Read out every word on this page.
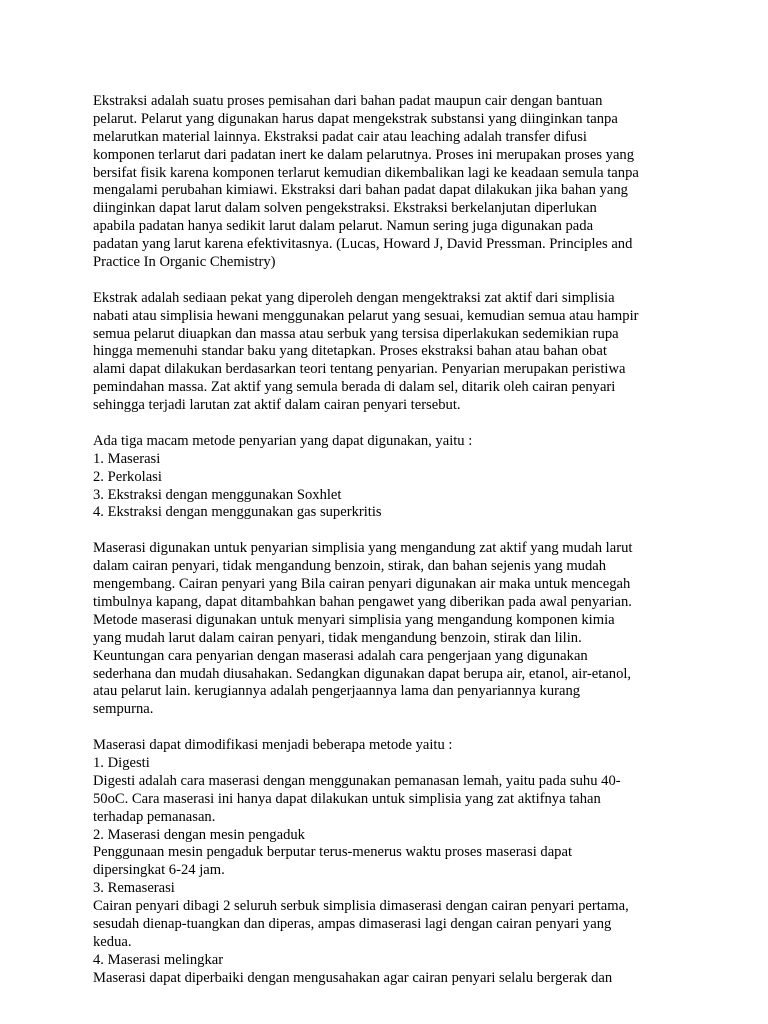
Ekstraksi adalah suatu proses pemisahan dari bahan padat maupun cair dengan bantuan
pelarut. Pelarut yang digunakan harus dapat mengekstrak substansi yang diinginkan tanpa
melarutkan material lainnya. Ekstraksi padat cair atau leaching adalah transfer difusi
komponen terlarut dari padatan inert ke dalam pelarutnya. Proses ini merupakan proses yang
bersifat fisik karena komponen terlarut kemudian dikembalikan lagi ke keadaan semula tanpa
mengalami perubahan kimiawi. Ekstraksi dari bahan padat dapat dilakukan jika bahan yang
diinginkan dapat larut dalam solven pengekstraksi. Ekstraksi berkelanjutan diperlukan
apabila padatan hanya sedikit larut dalam pelarut. Namun sering juga digunakan pada
padatan yang larut karena efektivitasnya. (Lucas, Howard J, David Pressman. Principles and
Practice In Organic Chemistry)
Ekstrak adalah sediaan pekat yang diperoleh dengan mengektraksi zat aktif dari simplisia
nabati atau simplisia hewani menggunakan pelarut yang sesuai, kemudian semua atau hampir
semua pelarut diuapkan dan massa atau serbuk yang tersisa diperlakukan sedemikian rupa
hingga memenuhi standar baku yang ditetapkan. Proses ekstraksi bahan atau bahan obat
alami dapat dilakukan berdasarkan teori tentang penyarian. Penyarian merupakan peristiwa
pemindahan massa. Zat aktif yang semula berada di dalam sel, ditarik oleh cairan penyari
sehingga terjadi larutan zat aktif dalam cairan penyari tersebut.
Ada tiga macam metode penyarian yang dapat digunakan, yaitu :
1. Maserasi
2. Perkolasi
3. Ekstraksi dengan menggunakan Soxhlet
4. Ekstraksi dengan menggunakan gas superkritis
Maserasi digunakan untuk penyarian simplisia yang mengandung zat aktif yang mudah larut
dalam cairan penyari, tidak mengandung benzoin, stirak, dan bahan sejenis yang mudah
mengembang. Cairan penyari yang Bila cairan penyari digunakan air maka untuk mencegah
timbulnya kapang, dapat ditambahkan bahan pengawet yang diberikan pada awal penyarian.
Metode maserasi digunakan untuk menyari simplisia yang mengandung komponen kimia
yang mudah larut dalam cairan penyari, tidak mengandung benzoin, stirak dan lilin.
Keuntungan cara penyarian dengan maserasi adalah cara pengerjaan yang digunakan
sederhana dan mudah diusahakan. Sedangkan digunakan dapat berupa air, etanol, air-etanol,
atau pelarut lain. kerugiannya adalah pengerjaannya lama dan penyariannya kurang
sempurna.
Maserasi dapat dimodifikasi menjadi beberapa metode yaitu :
1. Digesti
Digesti adalah cara maserasi dengan menggunakan pemanasan lemah, yaitu pada suhu 40-
50oC. Cara maserasi ini hanya dapat dilakukan untuk simplisia yang zat aktifnya tahan
terhadap pemanasan.
2. Maserasi dengan mesin pengaduk
Penggunaan mesin pengaduk berputar terus-menerus waktu proses maserasi dapat
dipersingkat 6-24 jam.
3. Remaserasi
Cairan penyari dibagi 2 seluruh serbuk simplisia dimaserasi dengan cairan penyari pertama,
sesudah dienap-tuangkan dan diperas, ampas dimaserasi lagi dengan cairan penyari yang
kedua.
4. Maserasi melingkar
Maserasi dapat diperbaiki dengan mengusahakan agar cairan penyari selalu bergerak dan
